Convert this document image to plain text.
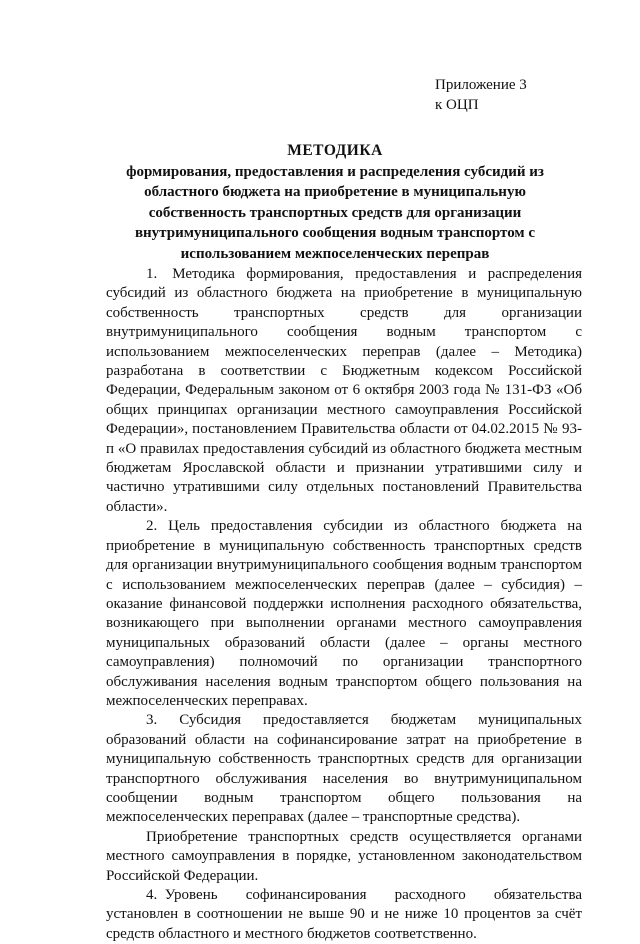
Приложение 3
к ОЦП
МЕТОДИКА
формирования, предоставления и распределения субсидий из областного бюджета на приобретение в муниципальную собственность транспортных средств для организации внутримуниципального сообщения водным транспортом с использованием межпоселенческих переправ

1. Методика формирования, предоставления и распределения субсидий из областного бюджета на приобретение в муниципальную собственность транспортных средств для организации внутримуниципального сообщения водным транспортом с использованием межпоселенческих переправ (далее – Методика) разработана в соответствии с Бюджетным кодексом Российской Федерации, Федеральным законом от 6 октября 2003 года № 131-ФЗ «Об общих принципах организации местного самоуправления Российской Федерации», постановлением Правительства области от 04.02.2015 № 93-п «О правилах предоставления субсидий из областного бюджета местным бюджетам Ярославской области и признании утратившими силу и частично утратившими силу отдельных постановлений Правительства области».

2. Цель предоставления субсидии из областного бюджета на приобретение в муниципальную собственность транспортных средств для организации внутримуниципального сообщения водным транспортом с использованием межпоселенческих переправ (далее – субсидия) – оказание финансовой поддержки исполнения расходного обязательства, возникающего при выполнении органами местного самоуправления муниципальных образований области (далее – органы местного самоуправления) полномочий по организации транспортного обслуживания населения водным транспортом общего пользования на межпоселенческих переправах.

3. Субсидия предоставляется бюджетам муниципальных образований области на софинансирование затрат на приобретение в муниципальную собственность транспортных средств для организации транспортного обслуживания населения во внутримуниципальном сообщении водным транспортом общего пользования на межпоселенческих переправах (далее – транспортные средства).

Приобретение транспортных средств осуществляется органами местного самоуправления в порядке, установленном законодательством Российской Федерации.

4. Уровень софинансирования расходного обязательства установлен в соотношении не выше 90 и не ниже 10 процентов за счёт средств областного и местного бюджетов соответственно.
